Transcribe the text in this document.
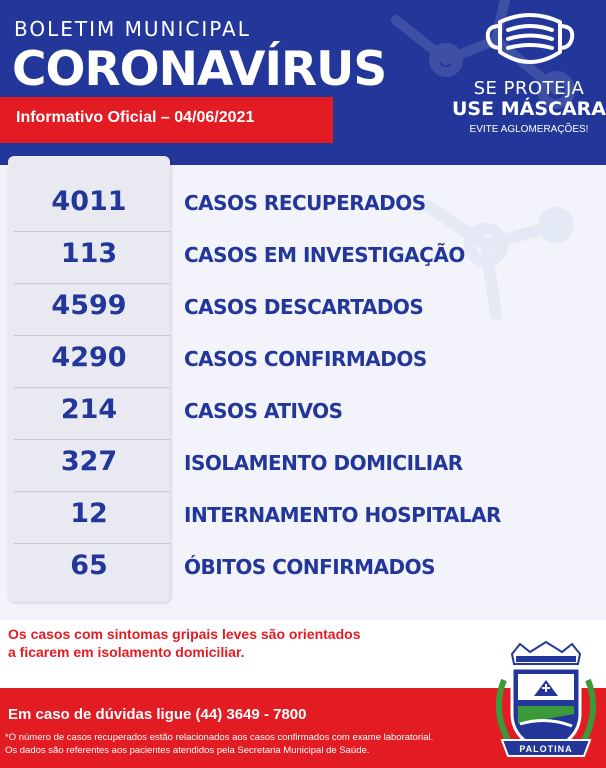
BOLETIM MUNICIPAL
CORONAVÍRUS
Informativo Oficial – 04/06/2021
SE PROTEJA
USE MÁSCARA
EVITE AGLOMERAÇÕES!
4011	CASOS RECUPERADOS
113	CASOS EM INVESTIGAÇÃO
4599	CASOS DESCARTADOS
4290	CASOS CONFIRMADOS
214	CASOS ATIVOS
327	ISOLAMENTO DOMICILIAR
12	INTERNAMENTO HOSPITALAR
65	ÓBITOS CONFIRMADOS
Os casos com sintomas gripais leves são orientados
a ficarem em isolamento domiciliar.
Em caso de dúvidas ligue (44) 3649 - 7800
*O número de casos recuperados estão relacionados aos casos confirmados com exame laboratorial.
Os dados são referentes aos pacientes atendidos pela Secretaria Municipal de Saúde.	PALOTINA
